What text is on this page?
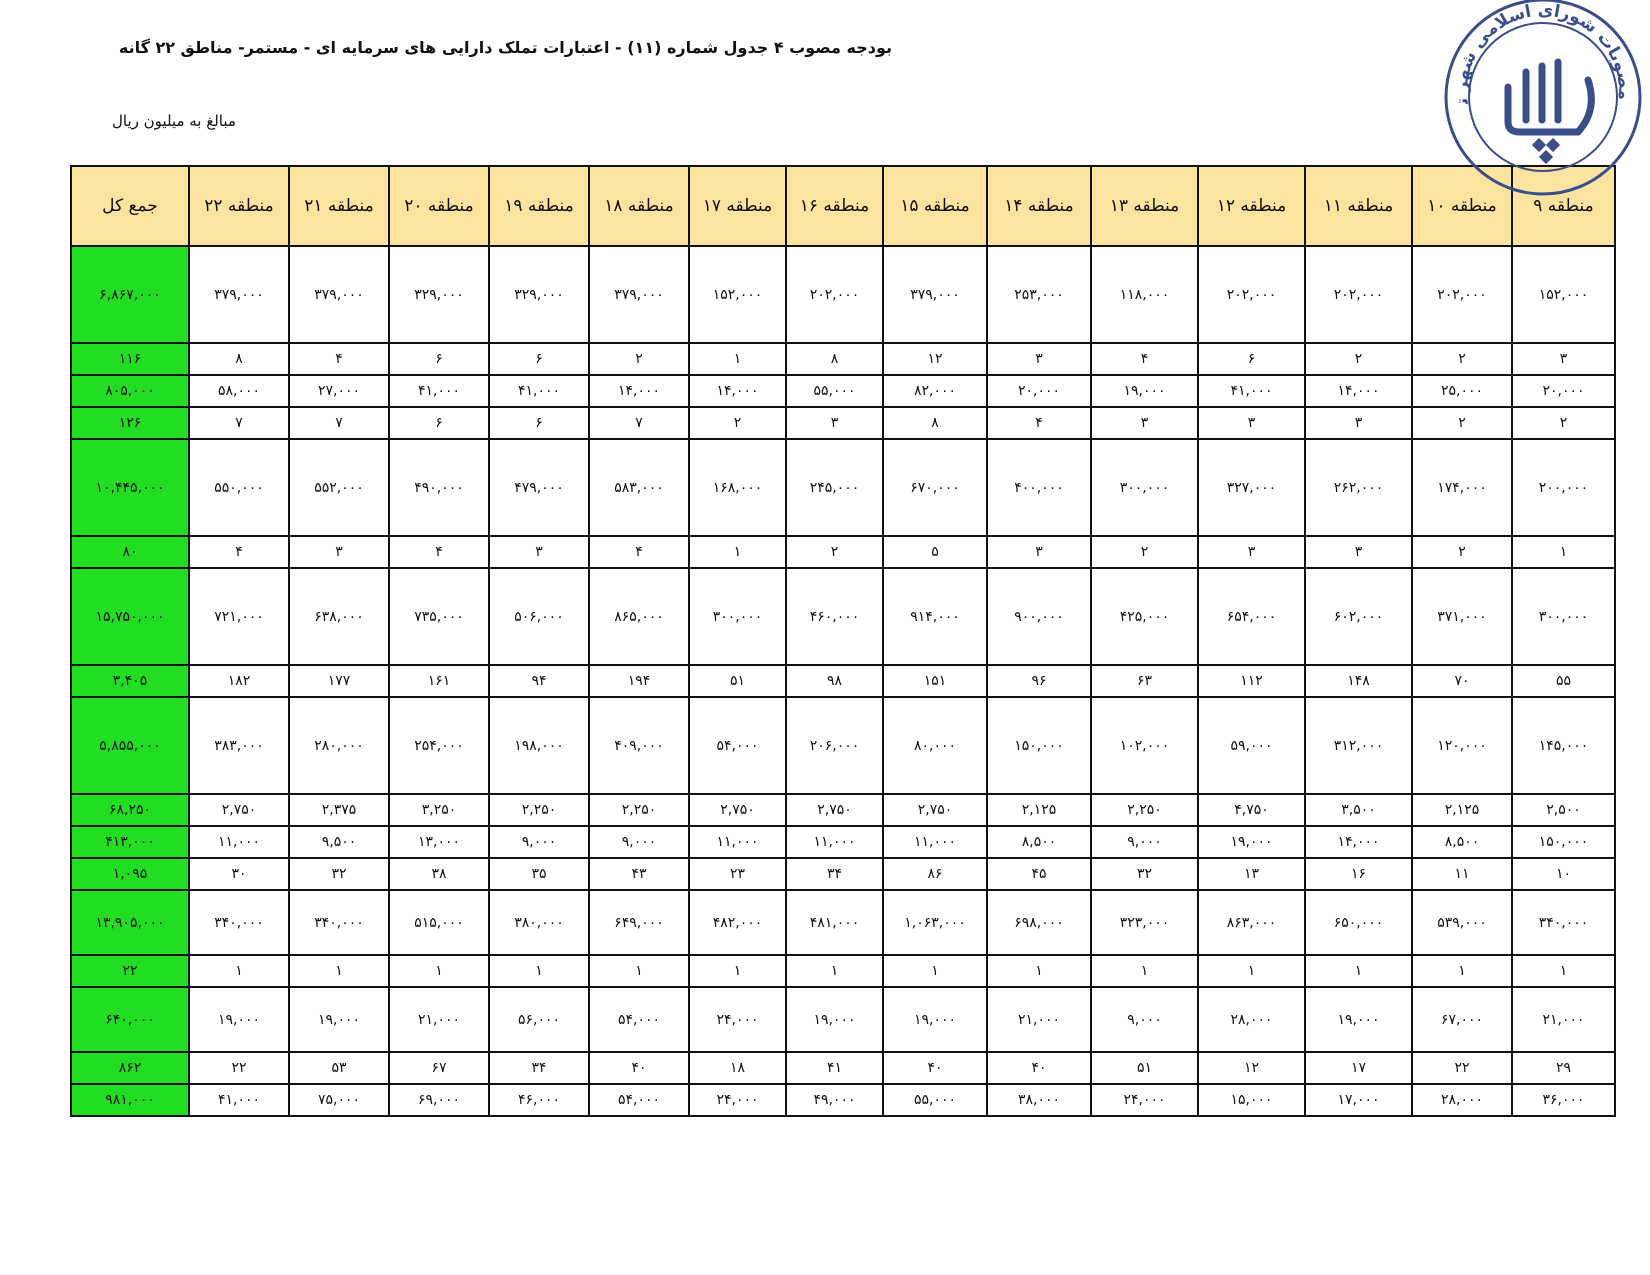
بودجه مصوب ۴ جدول شماره (۱۱) - اعتبارات تملک دارایی های سرمایه ای - مستمر- مناطق ۲۲ گانه
مبالغ به میلیون ریال
جمع کل	منطقه ۲۲	منطقه ۲۱	منطقه ۲۰	منطقه ۱۹	منطقه ۱۸	منطقه ۱۷	منطقه ۱۶	منطقه ۱۵	منطقه ۱۴	منطقه ۱۳	منطقه ۱۲	منطقه ۱۱	منطقه ۱۰	منطقه ۹
۶,۸۶۷,۰۰۰	۳۷۹,۰۰۰	۳۷۹,۰۰۰	۳۲۹,۰۰۰	۳۲۹,۰۰۰	۳۷۹,۰۰۰	۱۵۲,۰۰۰	۲۰۲,۰۰۰	۳۷۹,۰۰۰	۲۵۳,۰۰۰	۱۱۸,۰۰۰	۲۰۲,۰۰۰	۲۰۲,۰۰۰	۲۰۲,۰۰۰	۱۵۲,۰۰۰
۱۱۶	۸	۴	۶	۶	۲	۱	۸	۱۲	۳	۴	۶	۲	۲	۳
۸۰۵,۰۰۰	۵۸,۰۰۰	۲۷,۰۰۰	۴۱,۰۰۰	۴۱,۰۰۰	۱۴,۰۰۰	۱۴,۰۰۰	۵۵,۰۰۰	۸۲,۰۰۰	۲۰,۰۰۰	۱۹,۰۰۰	۴۱,۰۰۰	۱۴,۰۰۰	۲۵,۰۰۰	۲۰,۰۰۰
۱۲۶	۷	۷	۶	۶	۷	۲	۳	۸	۴	۳	۳	۳	۲	۲
۱۰,۴۴۵,۰۰۰	۵۵۰,۰۰۰	۵۵۲,۰۰۰	۴۹۰,۰۰۰	۴۷۹,۰۰۰	۵۸۳,۰۰۰	۱۶۸,۰۰۰	۲۴۵,۰۰۰	۶۷۰,۰۰۰	۴۰۰,۰۰۰	۳۰۰,۰۰۰	۳۲۷,۰۰۰	۲۶۲,۰۰۰	۱۷۴,۰۰۰	۲۰۰,۰۰۰
۸۰	۴	۳	۴	۳	۴	۱	۲	۵	۳	۲	۳	۳	۲	۱
۱۵,۷۵۰,۰۰۰	۷۲۱,۰۰۰	۶۳۸,۰۰۰	۷۳۵,۰۰۰	۵۰۶,۰۰۰	۸۶۵,۰۰۰	۳۰۰,۰۰۰	۴۶۰,۰۰۰	۹۱۴,۰۰۰	۹۰۰,۰۰۰	۴۲۵,۰۰۰	۶۵۴,۰۰۰	۶۰۲,۰۰۰	۳۷۱,۰۰۰	۳۰۰,۰۰۰
۳,۴۰۵	۱۸۲	۱۷۷	۱۶۱	۹۴	۱۹۴	۵۱	۹۸	۱۵۱	۹۶	۶۳	۱۱۲	۱۴۸	۷۰	۵۵
۵,۸۵۵,۰۰۰	۳۸۳,۰۰۰	۲۸۰,۰۰۰	۲۵۴,۰۰۰	۱۹۸,۰۰۰	۴۰۹,۰۰۰	۵۴,۰۰۰	۲۰۶,۰۰۰	۸۰,۰۰۰	۱۵۰,۰۰۰	۱۰۲,۰۰۰	۵۹,۰۰۰	۳۱۲,۰۰۰	۱۲۰,۰۰۰	۱۴۵,۰۰۰
۶۸,۲۵۰	۲,۷۵۰	۲,۳۷۵	۳,۲۵۰	۲,۲۵۰	۲,۲۵۰	۲,۷۵۰	۲,۷۵۰	۲,۷۵۰	۲,۱۲۵	۲,۲۵۰	۴,۷۵۰	۳,۵۰۰	۲,۱۲۵	۲,۵۰۰
۴۱۳,۰۰۰	۱۱,۰۰۰	۹,۵۰۰	۱۳,۰۰۰	۹,۰۰۰	۹,۰۰۰	۱۱,۰۰۰	۱۱,۰۰۰	۱۱,۰۰۰	۸,۵۰۰	۹,۰۰۰	۱۹,۰۰۰	۱۴,۰۰۰	۸,۵۰۰	۱۵۰,۰۰۰
۱,۰۹۵	۳۰	۳۲	۳۸	۳۵	۴۳	۲۳	۳۴	۸۶	۴۵	۳۲	۱۳	۱۶	۱۱	۱۰
۱۳,۹۰۵,۰۰۰	۳۴۰,۰۰۰	۳۴۰,۰۰۰	۵۱۵,۰۰۰	۳۸۰,۰۰۰	۶۴۹,۰۰۰	۴۸۲,۰۰۰	۴۸۱,۰۰۰	۱,۰۶۳,۰۰۰	۶۹۸,۰۰۰	۳۲۳,۰۰۰	۸۶۳,۰۰۰	۶۵۰,۰۰۰	۵۳۹,۰۰۰	۳۴۰,۰۰۰
۲۲	۱	۱	۱	۱	۱	۱	۱	۱	۱	۱	۱	۱	۱	۱
۶۴۰,۰۰۰	۱۹,۰۰۰	۱۹,۰۰۰	۲۱,۰۰۰	۵۶,۰۰۰	۵۴,۰۰۰	۲۴,۰۰۰	۱۹,۰۰۰	۱۹,۰۰۰	۲۱,۰۰۰	۹,۰۰۰	۲۸,۰۰۰	۱۹,۰۰۰	۶۷,۰۰۰	۲۱,۰۰۰
۸۶۲	۲۲	۵۳	۶۷	۳۴	۴۰	۱۸	۴۱	۴۰	۴۰	۵۱	۱۲	۱۷	۲۲	۲۹
۹۸۱,۰۰۰	۴۱,۰۰۰	۷۵,۰۰۰	۶۹,۰۰۰	۴۶,۰۰۰	۵۴,۰۰۰	۲۴,۰۰۰	۴۹,۰۰۰	۵۵,۰۰۰	۳۸,۰۰۰	۲۴,۰۰۰	۱۵,۰۰۰	۱۷,۰۰۰	۲۸,۰۰۰	۳۶,۰۰۰
مصوبات شورای اسلامی شهر ت
